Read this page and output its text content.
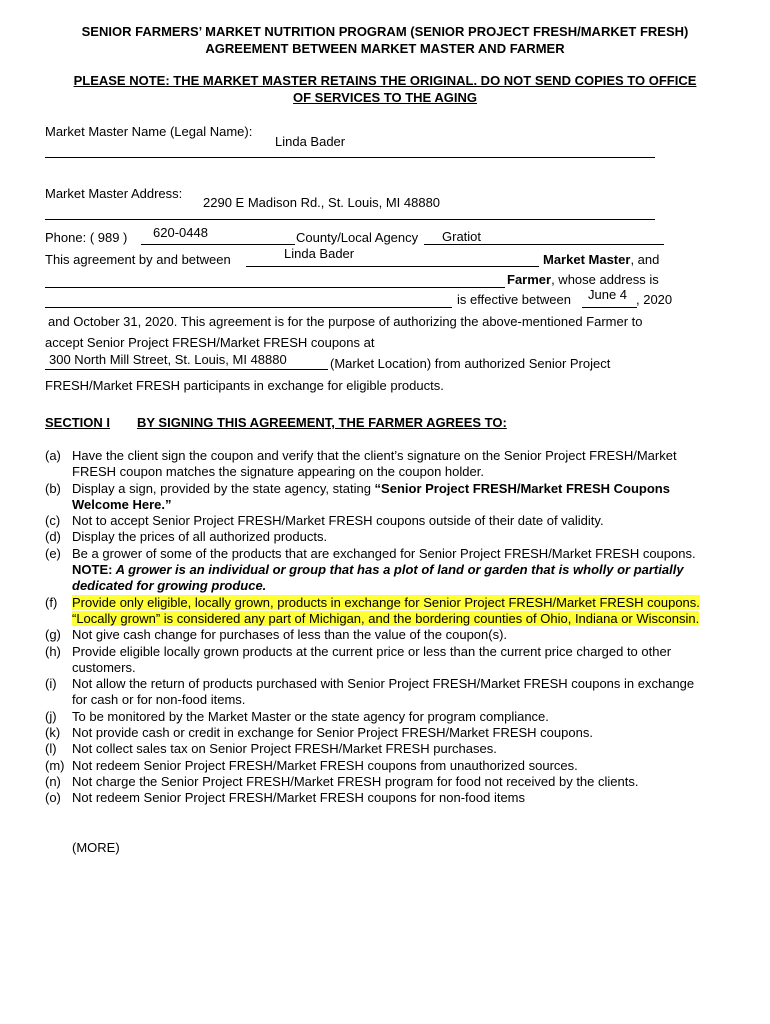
SENIOR FARMERS’ MARKET NUTRITION PROGRAM (SENIOR PROJECT FRESH/MARKET FRESH)
AGREEMENT BETWEEN MARKET MASTER AND FARMER
PLEASE NOTE: THE MARKET MASTER RETAINS THE ORIGINAL. DO NOT SEND COPIES TO OFFICE
OF SERVICES TO THE AGING
Market Master Name (Legal Name):
Linda Bader
Market Master Address:
2290 E Madison Rd., St. Louis, MI 48880
Phone: ( 989 ) 620-0448	County/Local Agency Gratiot
This agreement by and between	Linda Bader	Market Master, and
Farmer, whose address is
is effective between June 4 , 2020
and October 31, 2020. This agreement is for the purpose of authorizing the above-mentioned Farmer to
accept Senior Project FRESH/Market FRESH coupons at
300 North Mill Street, St. Louis, MI 48880	(Market Location) from authorized Senior Project
FRESH/Market FRESH participants in exchange for eligible products.
SECTION I BY SIGNING THIS AGREEMENT, THE FARMER AGREES TO:
(a) Have the client sign the coupon and verify that the client’s signature on the Senior Project FRESH/Market FRESH coupon matches the signature appearing on the coupon holder.
(b) Display a sign, provided by the state agency, stating “Senior Project FRESH/Market FRESH Coupons Welcome Here.”
(c) Not to accept Senior Project FRESH/Market FRESH coupons outside of their date of validity.
(d) Display the prices of all authorized products.
(e) Be a grower of some of the products that are exchanged for Senior Project FRESH/Market FRESH coupons. NOTE: A grower is an individual or group that has a plot of land or garden that is wholly or partially dedicated for growing produce.
(f)	Provide only eligible, locally grown, products in exchange for Senior Project FRESH/Market FRESH coupons. “Locally grown” is considered any part of Michigan, and the bordering counties of Ohio, Indiana or Wisconsin.
(g) Not give cash change for purchases of less than the value of the coupon(s).
(h) Provide eligible locally grown products at the current price or less than the current price charged to other customers.
(i)	Not allow the return of products purchased with Senior Project FRESH/Market FRESH coupons in exchange for cash or for non-food items.
(j)	To be monitored by the Market Master or the state agency for program compliance.
(k) Not provide cash or credit in exchange for Senior Project FRESH/Market FRESH coupons.
(l)	Not collect sales tax on Senior Project FRESH/Market FRESH purchases.
(m) Not redeem Senior Project FRESH/Market FRESH coupons from unauthorized sources.
(n) Not charge the Senior Project FRESH/Market FRESH program for food not received by the clients.
(o) Not redeem Senior Project FRESH/Market FRESH coupons for non-food items
(MORE)
